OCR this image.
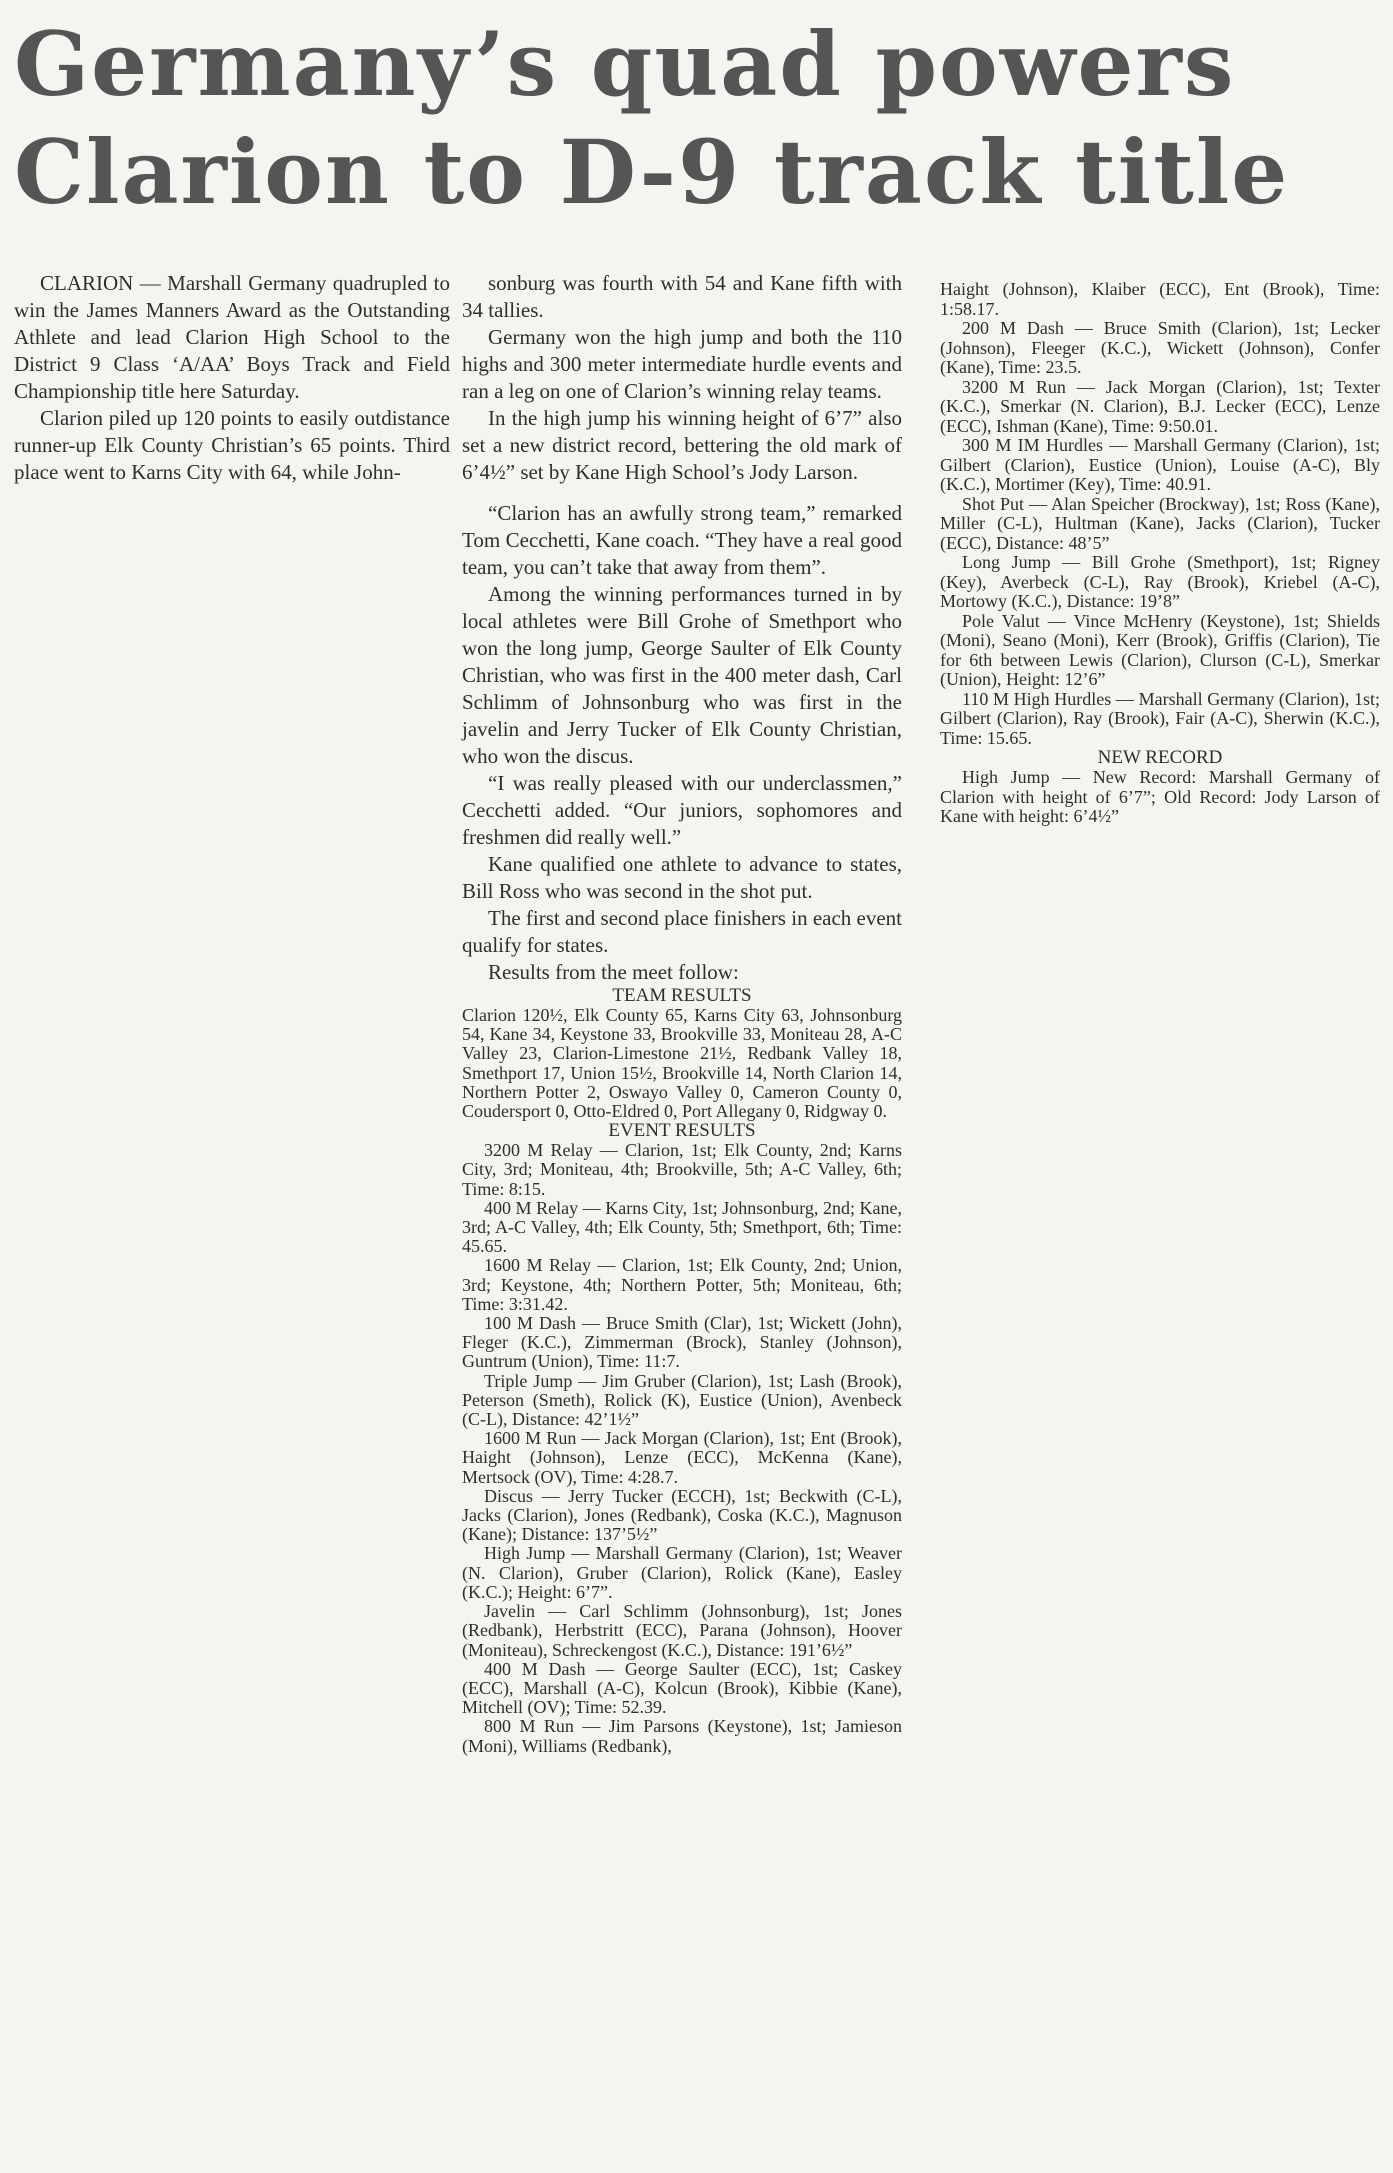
Germany’s quad powers
Clarion to D-9 track title

CLARION — Marshall Germany quadrupled to win the James Manners Award as the Outstanding Athlete and lead Clarion High School to the District 9 Class ‘A/AA’ Boys Track and Field Championship title here Saturday.

Clarion piled up 120 points to easily outdistance runner-up Elk County Christian’s 65 points. Third place went to Karns City with 64, while John-

sonburg was fourth with 54 and Kane fifth with 34 tallies.

Germany won the high jump and both the 110 highs and 300 meter intermediate hurdle events and ran a leg on one of Clarion’s winning relay teams.

In the high jump his winning height of 6’7” also set a new district record, bettering the old mark of 6’4½” set by Kane High School’s Jody Larson.

“Clarion has an awfully strong team,” remarked Tom Cecchetti, Kane coach. “They have a real good team, you can’t take that away from them”.

Among the winning performances turned in by local athletes were Bill Grohe of Smethport who won the long jump, George Saulter of Elk County Christian, who was first in the 400 meter dash, Carl Schlimm of Johnsonburg who was first in the javelin and Jerry Tucker of Elk County Christian, who won the discus.

“I was really pleased with our underclassmen,” Cecchetti added. “Our juniors, sophomores and freshmen did really well.”

Kane qualified one athlete to advance to states, Bill Ross who was second in the shot put.

The first and second place finishers in each event qualify for states.

Results from the meet follow:

TEAM RESULTS

Clarion 120½, Elk County 65, Karns City 63, Johnsonburg 54, Kane 34, Keystone 33, Brookville 33, Moniteau 28, A-C Valley 23, Clarion-Limestone 21½, Redbank Valley 18, Smethport 17, Union 15½, Brookville 14, North Clarion 14, Northern Potter 2, Oswayo Valley 0, Cameron County 0, Coudersport 0, Otto-Eldred 0, Port Allegany 0, Ridgway 0.

EVENT RESULTS

3200 M Relay — Clarion, 1st; Elk County, 2nd; Karns City, 3rd; Moniteau, 4th; Brookville, 5th; A-C Valley, 6th; Time: 8:15.

400 M Relay — Karns City, 1st; Johnsonburg, 2nd; Kane, 3rd; A-C Valley, 4th; Elk County, 5th; Smethport, 6th; Time: 45.65.

1600 M Relay — Clarion, 1st; Elk County, 2nd; Union, 3rd; Keystone, 4th; Northern Potter, 5th; Moniteau, 6th; Time: 3:31.42.

100 M Dash — Bruce Smith (Clar), 1st; Wickett (John), Fleger (K.C.), Zimmerman (Brock), Stanley (Johnson), Guntrum (Union), Time: 11:7.

Triple Jump — Jim Gruber (Clarion), 1st; Lash (Brook), Peterson (Smeth), Rolick (K), Eustice (Union), Avenbeck (C-L), Distance: 42’1½”

1600 M Run — Jack Morgan (Clarion), 1st; Ent (Brook), Haight (Johnson), Lenze (ECC), McKenna (Kane), Mertsock (OV), Time: 4:28.7.

Discus — Jerry Tucker (ECCH), 1st; Beckwith (C-L), Jacks (Clarion), Jones (Redbank), Coska (K.C.), Magnuson (Kane); Distance: 137’5½”

High Jump — Marshall Germany (Clarion), 1st; Weaver (N. Clarion), Gruber (Clarion), Rolick (Kane), Easley (K.C.); Height: 6’7”.

Javelin — Carl Schlimm (Johnsonburg), 1st; Jones (Redbank), Herbstritt (ECC), Parana (Johnson), Hoover (Moniteau), Schreckengost (K.C.), Distance: 191’6½”

400 M Dash — George Saulter (ECC), 1st; Caskey (ECC), Marshall (A-C), Kolcun (Brook), Kibbie (Kane), Mitchell (OV); Time: 52.39.

800 M Run — Jim Parsons (Keystone), 1st; Jamieson (Moni), Williams (Redbank),

Haight (Johnson), Klaiber (ECC), Ent (Brook), Time: 1:58.17.

200 M Dash — Bruce Smith (Clarion), 1st; Lecker (Johnson), Fleeger (K.C.), Wickett (Johnson), Confer (Kane), Time: 23.5.

3200 M Run — Jack Morgan (Clarion), 1st; Texter (K.C.), Smerkar (N. Clarion), B.J. Lecker (ECC), Lenze (ECC), Ishman (Kane), Time: 9:50.01.

300 M IM Hurdles — Marshall Germany (Clarion), 1st; Gilbert (Clarion), Eustice (Union), Louise (A-C), Bly (K.C.), Mortimer (Key), Time: 40.91.

Shot Put — Alan Speicher (Brockway), 1st; Ross (Kane), Miller (C-L), Hultman (Kane), Jacks (Clarion), Tucker (ECC), Distance: 48’5”

Long Jump — Bill Grohe (Smethport), 1st; Rigney (Key), Averbeck (C-L), Ray (Brook), Kriebel (A-C), Mortowy (K.C.), Distance: 19’8”

Pole Valut — Vince McHenry (Keystone), 1st; Shields (Moni), Seano (Moni), Kerr (Brook), Griffis (Clarion), Tie for 6th between Lewis (Clarion), Clurson (C-L), Smerkar (Union), Height: 12’6”

110 M High Hurdles — Marshall Germany (Clarion), 1st; Gilbert (Clarion), Ray (Brook), Fair (A-C), Sherwin (K.C.), Time: 15.65.

NEW RECORD

High Jump — New Record: Marshall Germany of Clarion with height of 6’7”; Old Record: Jody Larson of Kane with height: 6’4½”
